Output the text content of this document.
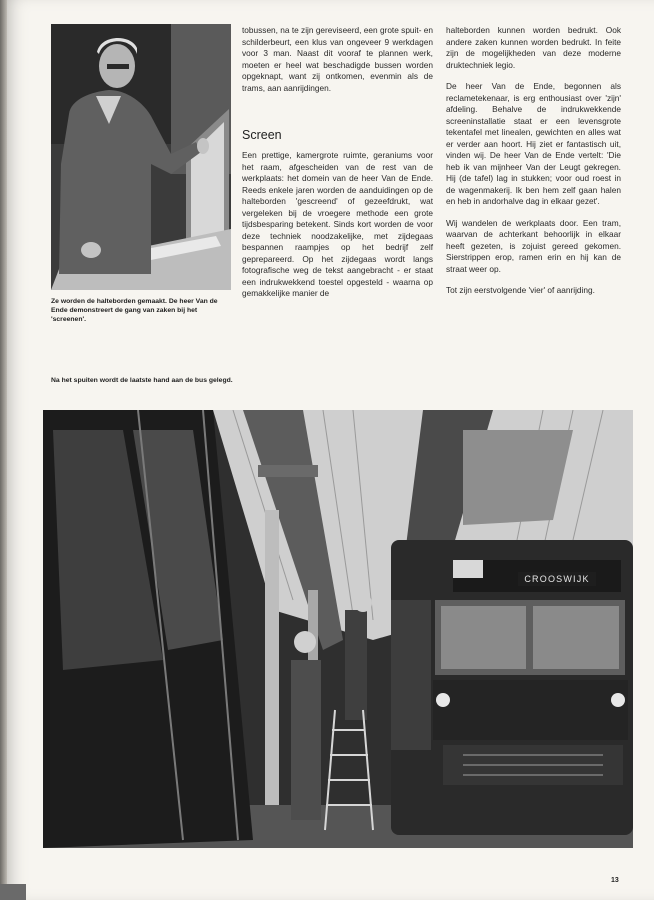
Ze worden de halteborden gemaakt. De heer Van de Ende demonstreert de gang van zaken bij het 'screenen'.
Na het spuiten wordt de laatste hand aan de bus gelegd.

tobussen, na te zijn gereviseerd, een grote spuit- en schilderbeurt, een klus van ongeveer 9 werkdagen voor 3 man. Naast dit vooraf te plannen werk, moeten er heel wat beschadigde bussen worden opgeknapt, want zij ontkomen, evenmin als de trams, aan aanrijdingen.

Screen

Een prettige, kamergrote ruimte, geraniums voor het raam, afgescheiden van de rest van de werkplaats: het domein van de heer Van de Ende. Reeds enkele jaren worden de aanduidingen op de halteborden 'gescreend' of gezeefdrukt, wat vergeleken bij de vroegere methode een grote tijdsbesparing betekent. Sinds kort worden de voor deze techniek noodzakelijke, met zijdegaas bespannen raampjes op het bedrijf zelf geprepareerd. Op het zijdegaas wordt langs fotografische weg de tekst aangebracht - er staat een indrukwekkend toestel opgesteld - waarna op gemakkelijke manier de

halteborden kunnen worden bedrukt. Ook andere zaken kunnen worden bedrukt. In feite zijn de mogelijkheden van deze moderne druktechniek legio.

De heer Van de Ende, begonnen als reclametekenaar, is erg enthousiast over 'zijn' afdeling. Behalve de indrukwekkende screeninstallatie staat er een levensgrote tekentafel met linealen, gewichten en alles wat er verder aan hoort. Hij ziet er fantastisch uit, vinden wij. De heer Van de Ende vertelt: 'Die heb ik van mijnheer Van der Leugt gekregen. Hij (de tafel) lag in stukken; voor oud roest in de wagenmakerij. Ik ben hem zelf gaan halen en heb in andorhalve dag in elkaar gezet'.

Wij wandelen de werkplaats door. Een tram, waarvan de achterkant behoorlijk in elkaar heeft gezeten, is zojuist gereed gekomen. Sierstrippen erop, ramen erin en hij kan de straat weer op.

Tot zijn eerstvolgende 'vier' of aanrijding.

CROOSWIJK
13
